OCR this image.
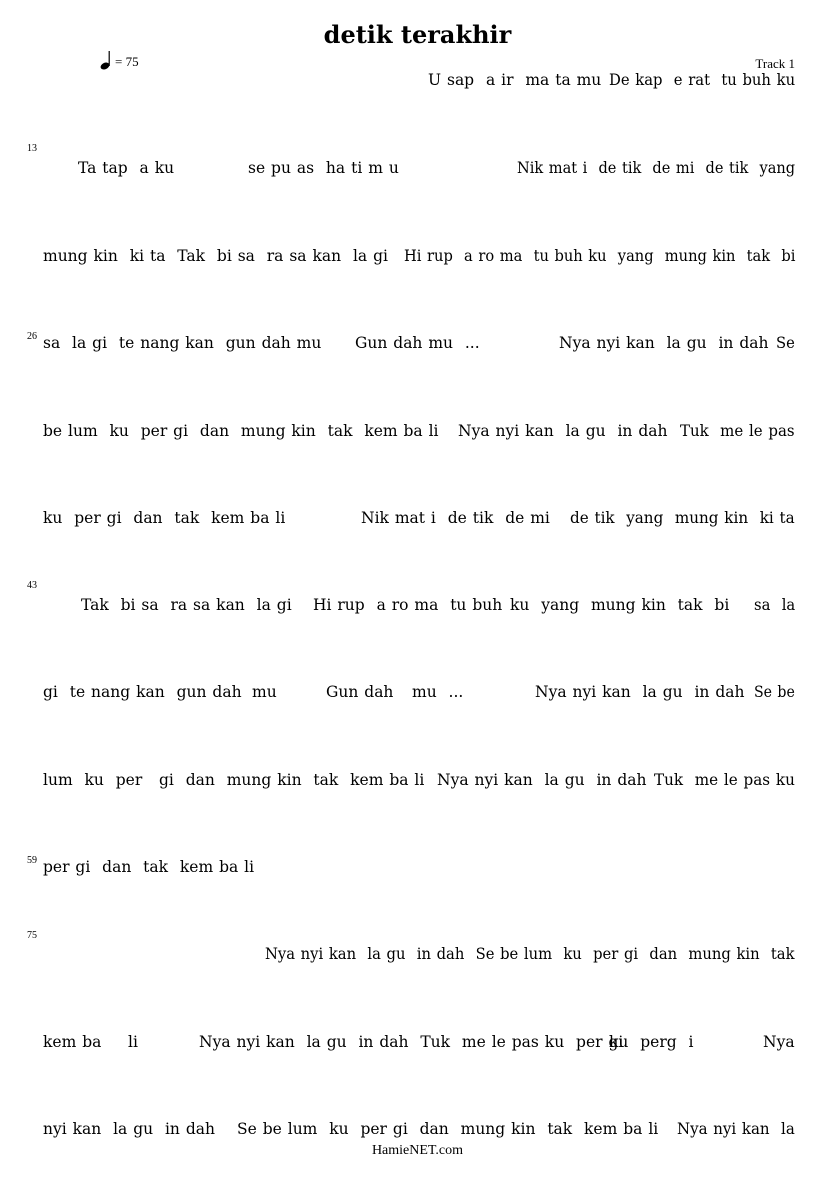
detik terakhir
= 75	Track 1
13
26
43
59
75
U sap  a ir  ma ta mu De kap  e rat  tu buh ku
Ta tap  a ku	se pu as  ha ti m u	Nik mat i  de tik  de mi  de tik  yang
mung kin  ki ta  Tak  bi sa  ra sa kan  la gi Hi rup  a ro ma  tu buh ku  yang  mung kin  tak  bi
sa  la gi  te nang kan  gun dah mu Gun dah mu  ...	Nya nyi kan  la gu  in dah Se
be lum  ku  per gi  dan  mung kin  tak  kem ba li Nya nyi kan  la gu  in dah Tuk  me le pas
ku  per gi  dan  tak  kem ba li	Nik mat i  de tik  de mi de tik  yang  mung kin  ki ta
Tak  bi sa  ra sa kan  la gi Hi rup  a ro ma  tu buh ku  yang  mung kin  tak  bi sa  la
gi  te nang kan  gun dah mu	Gun dah mu  ...	Nya nyi kan  la gu  in dah Se be
lum  ku  per gi  dan  mung kin  tak  kem ba li Nya nyi kan  la gu  in dah Tuk  me le pas ku
per gi  dan  tak  kem ba li
Nya nyi kan  la gu  in dah  Se be lum  ku  per gi  dan  mung kin  tak
kem ba li	Nya nyi kan  la gu  in dah  Tuk  me le pas ku  per gi
ku  perg  i	Nya
nyi kan  la gu  in dah Se be lum  ku  per gi  dan  mung kin  tak  kem ba li Nya nyi kan  la
HamieNET.com
